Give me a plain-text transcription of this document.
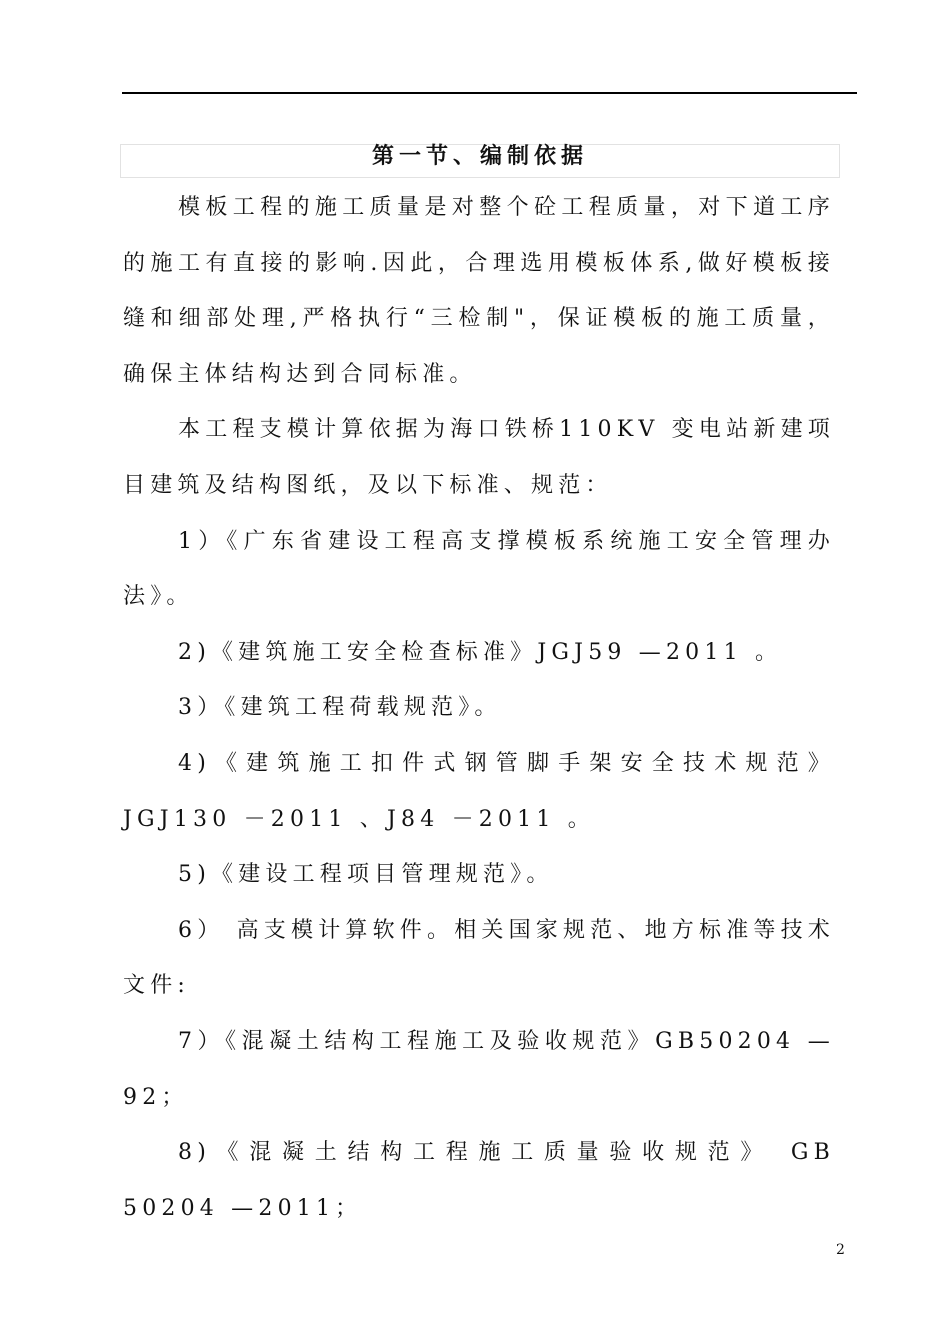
第一节、编制依据

模板工程的施工质量是对整个砼工程质量，对下道工序的施工有直接的影响.因此，合理选用模板体系,做好模板接缝和细部处理,严格执行“三检制"，保证模板的施工质量，确保主体结构达到合同标准。

本工程支模计算依据为海口铁桥110KV 变电站新建项目建筑及结构图纸，及以下标准、规范：

1）《广东省建设工程高支撑模板系统施工安全管理办法》。

2)《建筑施工安全检查标准》JGJ59 —2011 。

3）《建筑工程荷载规范》。

4)《建筑施工扣件式钢管脚手架安全技术规范》JGJ130 －2011 、J84 －2011 。

5)《建设工程项目管理规范》。

6） 高支模计算软件。相关国家规范、地方标准等技术文件:

7）《混凝土结构工程施工及验收规范》GB50204 —92；

8)《混凝土结构工程施工质量验收规范》 GB 50204 —2011；

2
